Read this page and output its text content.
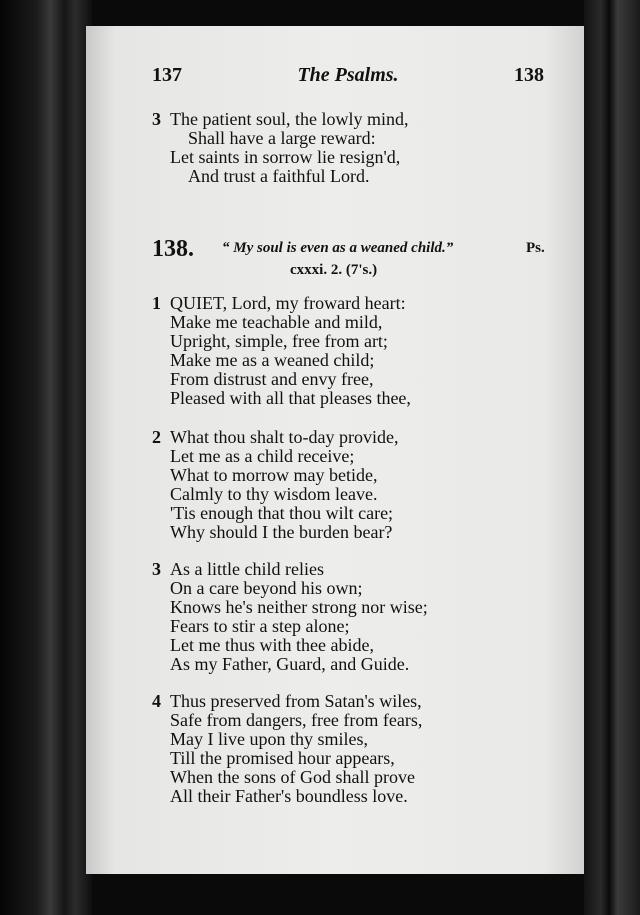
137	The Psalms.	138
3 The patient soul, the lowly mind,
Shall have a large reward:
Let saints in sorrow lie resign'd,
And trust a faithful Lord.
138. “ My soul is even as a weaned child.”	Ps.
cxxxi. 2. (7's.)
1 QUIET, Lord, my froward heart:
Make me teachable and mild,
Upright, simple, free from art;
Make me as a weaned child;
From distrust and envy free,
Pleased with all that pleases thee,
2 What thou shalt to-day provide,
Let me as a child receive;
What to morrow may betide,
Calmly to thy wisdom leave.
'Tis enough that thou wilt care;
Why should I the burden bear?
3 As a little child relies
On a care beyond his own;
Knows he's neither strong nor wise;
Fears to stir a step alone;
Let me thus with thee abide,
As my Father, Guard, and Guide.
4 Thus preserved from Satan's wiles,
Safe from dangers, free from fears,
May I live upon thy smiles,
Till the promised hour appears,
When the sons of God shall prove
All their Father's boundless love.
